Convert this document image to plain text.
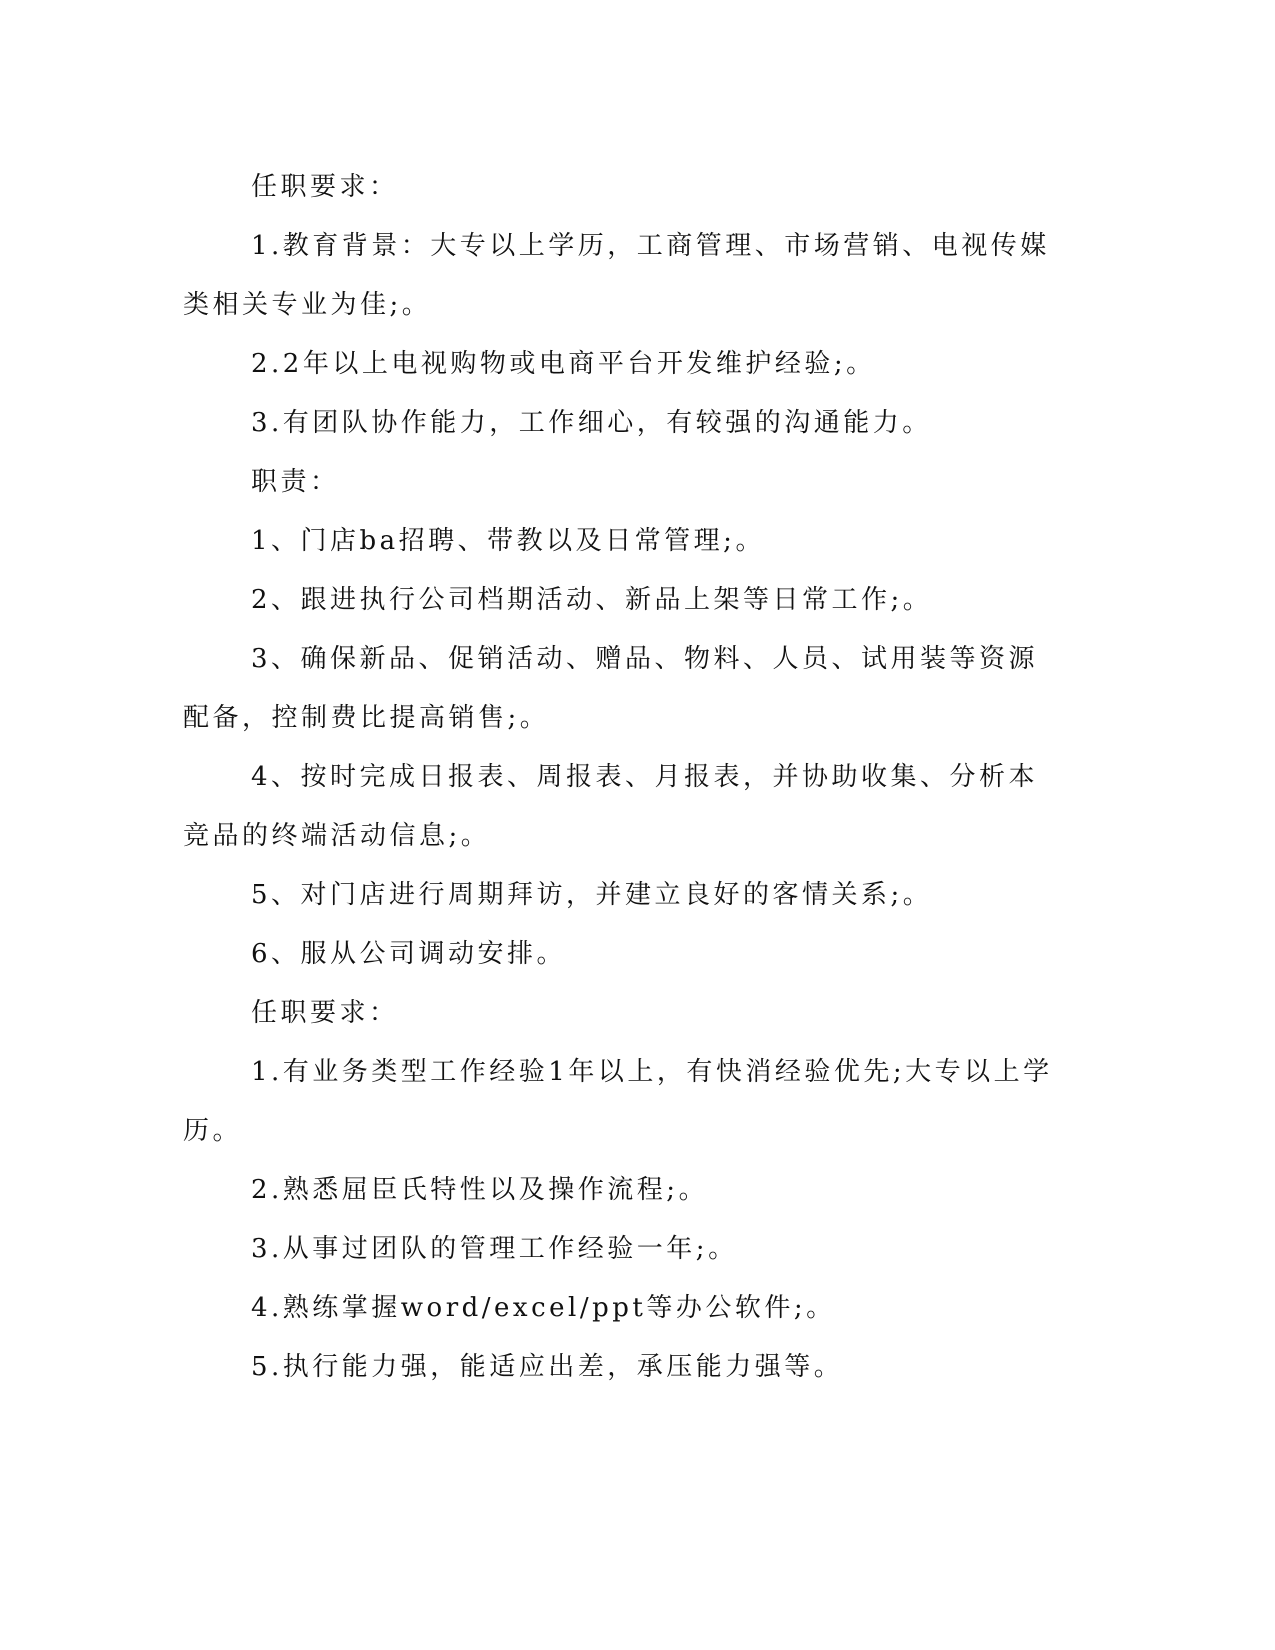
任职要求：

1.教育背景：大专以上学历，工商管理、市场营销、电视传媒类相关专业为佳;。

2.2年以上电视购物或电商平台开发维护经验;。

3.有团队协作能力，工作细心，有较强的沟通能力。

职责：

1、门店ba招聘、带教以及日常管理;。

2、跟进执行公司档期活动、新品上架等日常工作;。

3、确保新品、促销活动、赠品、物料、人员、试用装等资源配备，控制费比提高销售;。

4、按时完成日报表、周报表、月报表，并协助收集、分析本竞品的终端活动信息;。

5、对门店进行周期拜访，并建立良好的客情关系;。

6、服从公司调动安排。

任职要求：

1.有业务类型工作经验1年以上，有快消经验优先;大专以上学历。

2.熟悉屈臣氏特性以及操作流程;。

3.从事过团队的管理工作经验一年;。

4.熟练掌握word/excel/ppt等办公软件;。

5.执行能力强，能适应出差，承压能力强等。
